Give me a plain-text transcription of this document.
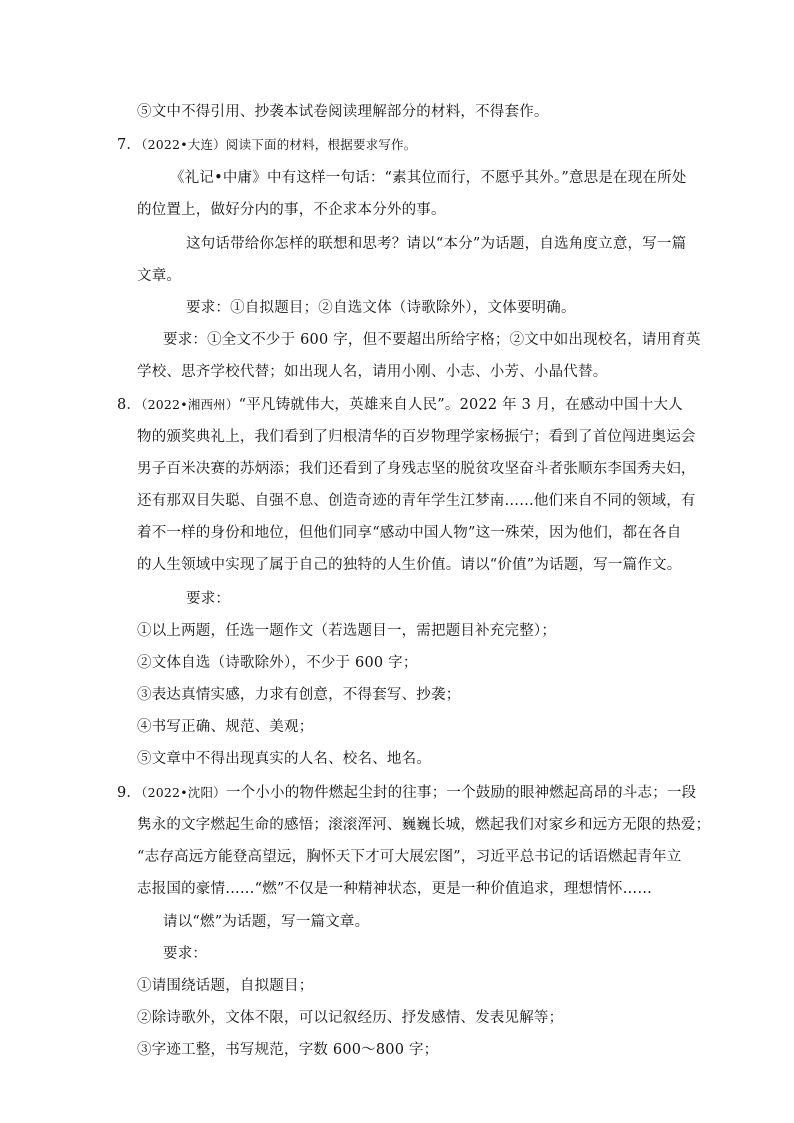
⑤文中不得引用、抄袭本试卷阅读理解部分的材料，不得套作。

7．（2022•大连）阅读下面的材料，根据要求写作。

《礼记•中庸》中有这样一句话：“素其位而行，不愿乎其外。”意思是在现在所处

的位置上，做好分内的事，不企求本分外的事。

这句话带给你怎样的联想和思考？请以“本分”为话题，自选角度立意，写一篇

文章。

要求：①自拟题目；②自选文体（诗歌除外），文体要明确。

要求：①全文不少于 600 字，但不要超出所给字格；②文中如出现校名，请用育英

学校、思齐学校代替；如出现人名，请用小刚、小志、小芳、小晶代替。

8．（2022•湘西州）“平凡铸就伟大，英雄来自人民”。2022 年 3 月，在感动中国十大人

物的颁奖典礼上，我们看到了归根清华的百岁物理学家杨振宁；看到了首位闯进奥运会

男子百米决赛的苏炳添；我们还看到了身残志坚的脱贫攻坚奋斗者张顺东李国秀夫妇，

还有那双目失聪、自强不息、创造奇迹的青年学生江梦南……他们来自不同的领域，有

着不一样的身份和地位，但他们同享“感动中国人物”这一殊荣，因为他们，都在各自

的人生领域中实现了属于自己的独特的人生价值。请以“价值”为话题，写一篇作文。

要求：

①以上两题，任选一题作文（若选题目一，需把题目补充完整）；

②文体自选（诗歌除外），不少于 600 字；

③表达真情实感，力求有创意，不得套写、抄袭；

④书写正确、规范、美观；

⑤文章中不得出现真实的人名、校名、地名。

9．（2022•沈阳）一个小小的物件燃起尘封的往事；一个鼓励的眼神燃起高昂的斗志；一段

隽永的文字燃起生命的感悟；滚滚浑河、巍巍长城，燃起我们对家乡和远方无限的热爱；

“志存高远方能登高望远，胸怀天下才可大展宏图”，习近平总书记的话语燃起青年立

志报国的豪情……“燃”不仅是一种精神状态，更是一种价值追求，理想情怀……

请以“燃”为话题，写一篇文章。

要求：

①请围绕话题，自拟题目；

②除诗歌外，文体不限，可以记叙经历、抒发感情、发表见解等；

③字迹工整，书写规范，字数 600～800 字；
